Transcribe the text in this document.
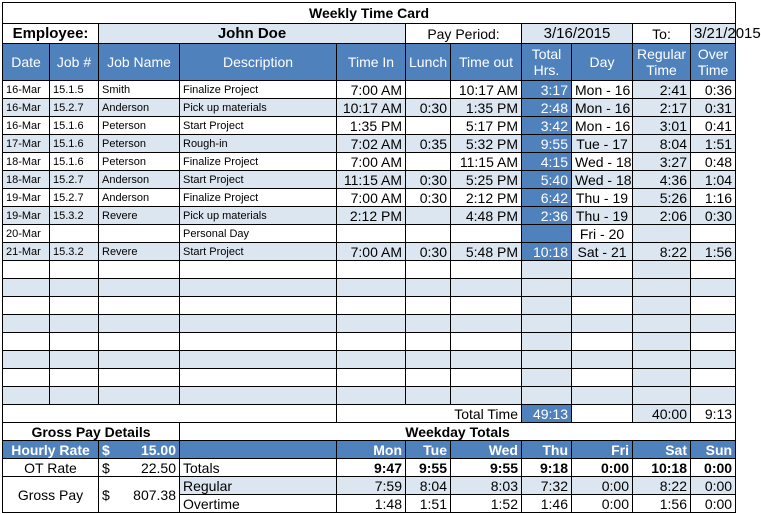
Weekly Time Card										
Employee:		John Doe			Pay Period:		3/16/2015		To:	3/21/2015
Date	Job #	Job Name	Description	Time In	Lunch	Time out	Total Hrs.	Day	Regular Time	Over Time
16-Mar	15.1.5	Smith	Finalize Project	7:00 AM		10:17 AM	3:17	Mon - 16	2:41	0:36
16-Mar	15.2.7	Anderson	Pick up materials	10:17 AM	0:30	1:35 PM	2:48	Mon - 16	2:17	0:31
16-Mar	15.1.6	Peterson	Start Project	1:35 PM		5:17 PM	3:42	Mon - 16	3:01	0:41
17-Mar	15.1.6	Peterson	Rough-in	7:02 AM	0:35	5:32 PM	9:55	Tue - 17	8:04	1:51
18-Mar	15.1.6	Peterson	Finalize Project	7:00 AM		11:15 AM	4:15	Wed - 18	3:27	0:48
18-Mar	15.2.7	Anderson	Start Project	11:15 AM	0:30	5:25 PM	5:40	Wed - 18	4:36	1:04
19-Mar	15.2.7	Anderson	Finalize Project	7:00 AM	0:30	2:12 PM	6:42	Thu - 19	5:26	1:16
19-Mar	15.3.2	Revere	Pick up materials	2:12 PM		4:48 PM	2:36	Thu - 19	2:06	0:30
20-Mar			Personal Day					Fri - 20		
21-Mar	15.3.2	Revere	Start Project	7:00 AM	0:30	5:48 PM	10:18	Sat - 21	8:22	1:56

				Total Time			49:13		40:00	9:13
Gross Pay Details			Weekday Totals							
Hourly Rate		$ 15.00		Mon	Tue	Wed	Thu	Fri	Sat	Sun
OT Rate		$ 22.50	Totals	9:47	9:55	9:55	9:18	0:00	10:18	0:00
Gross Pay		$ 807.38	Regular	7:59	8:04	8:03	7:32	0:00	8:22	0:00
			Overtime	1:48	1:51	1:52	1:46	0:00	1:56	0:00
